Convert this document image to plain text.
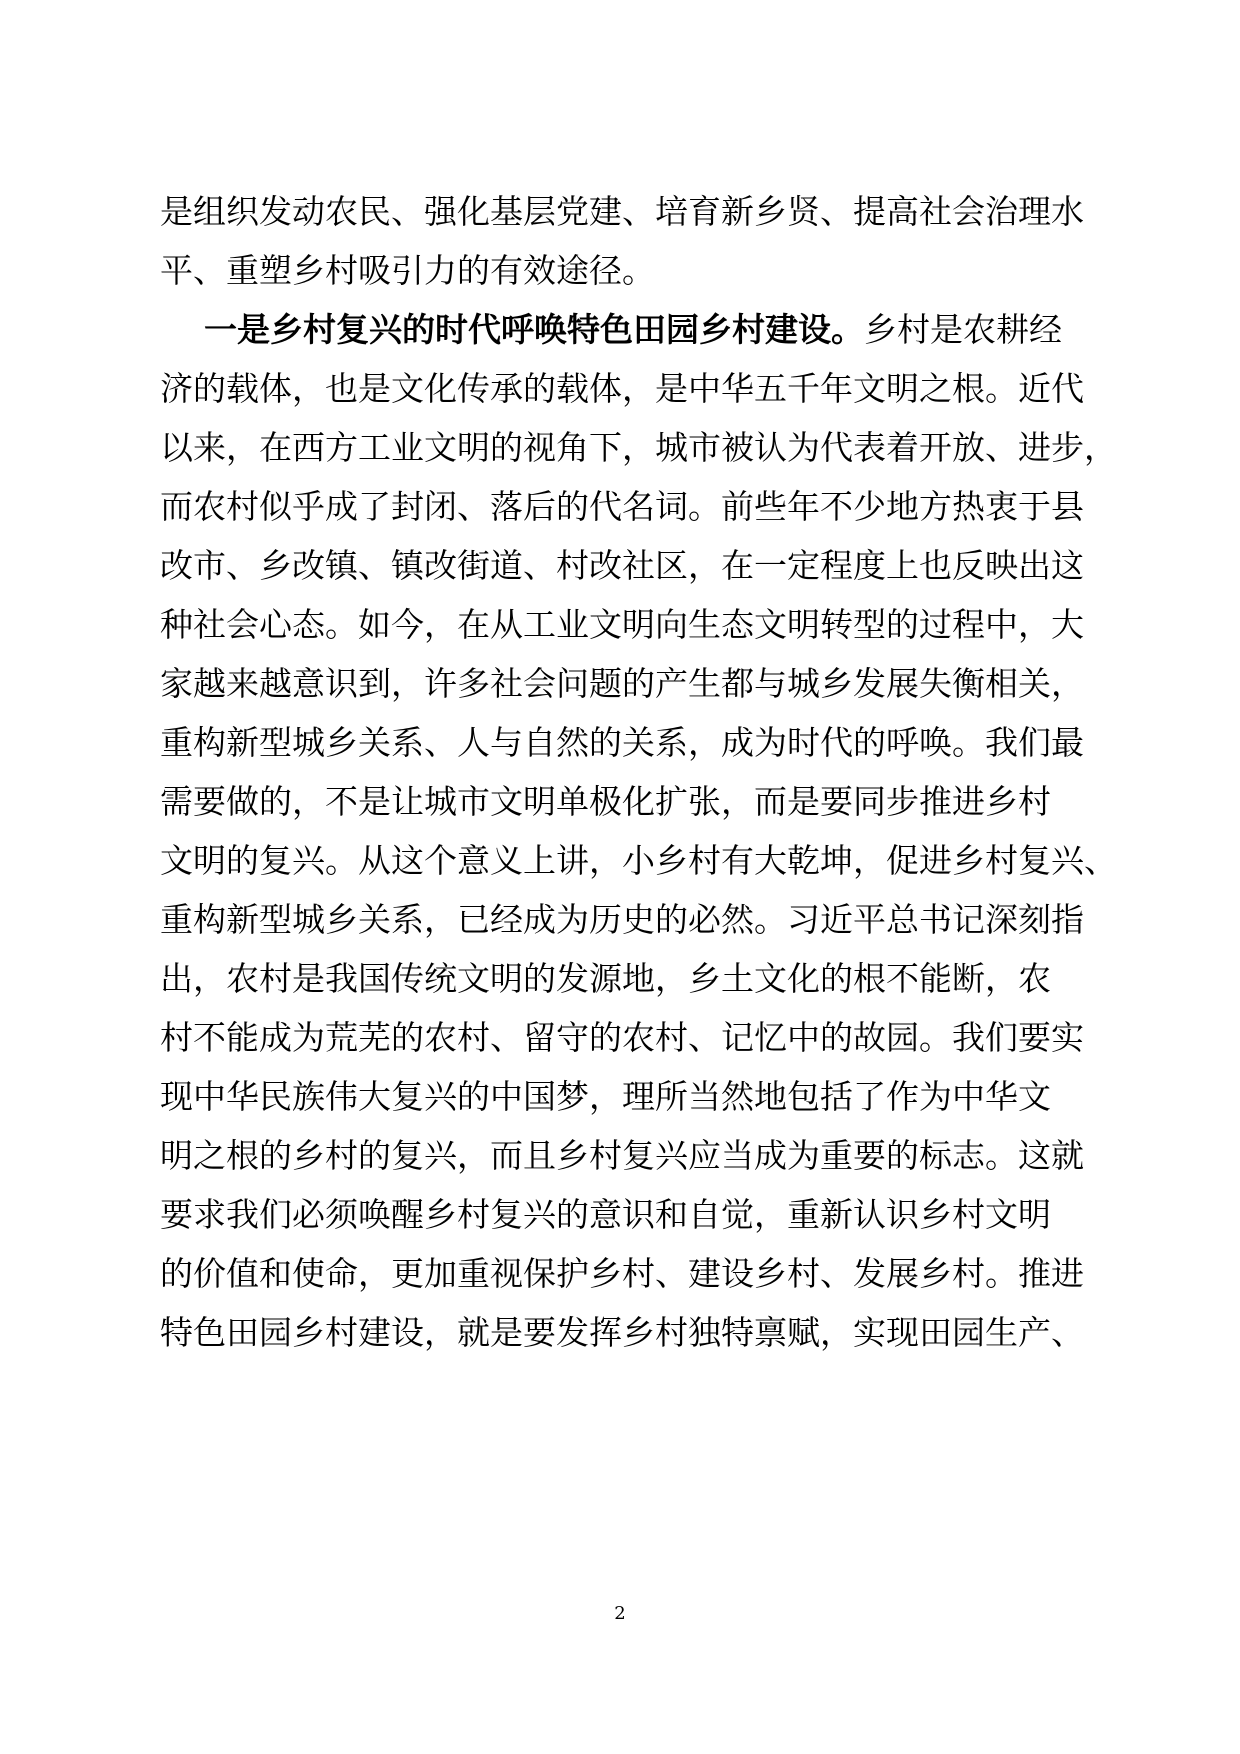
是组织发动农民、强化基层党建、培育新乡贤、提高社会治理水
平、重塑乡村吸引力的有效途径。
一是乡村复兴的时代呼唤特色田园乡村建设。乡村是农耕经
济的载体，也是文化传承的载体，是中华五千年文明之根。近代
以来，在西方工业文明的视角下，城市被认为代表着开放、进步，
而农村似乎成了封闭、落后的代名词。前些年不少地方热衷于县
改市、乡改镇、镇改街道、村改社区，在一定程度上也反映出这
种社会心态。如今，在从工业文明向生态文明转型的过程中，大
家越来越意识到，许多社会问题的产生都与城乡发展失衡相关，
重构新型城乡关系、人与自然的关系，成为时代的呼唤。我们最
需要做的，不是让城市文明单极化扩张，而是要同步推进乡村
文明的复兴。从这个意义上讲，小乡村有大乾坤，促进乡村复兴、
重构新型城乡关系，已经成为历史的必然。习近平总书记深刻指
出，农村是我国传统文明的发源地，乡土文化的根不能断，农
村不能成为荒芜的农村、留守的农村、记忆中的故园。我们要实
现中华民族伟大复兴的中国梦，理所当然地包括了作为中华文
明之根的乡村的复兴，而且乡村复兴应当成为重要的标志。这就
要求我们必须唤醒乡村复兴的意识和自觉，重新认识乡村文明
的价值和使命，更加重视保护乡村、建设乡村、发展乡村。推进
特色田园乡村建设，就是要发挥乡村独特禀赋，实现田园生产、
2
